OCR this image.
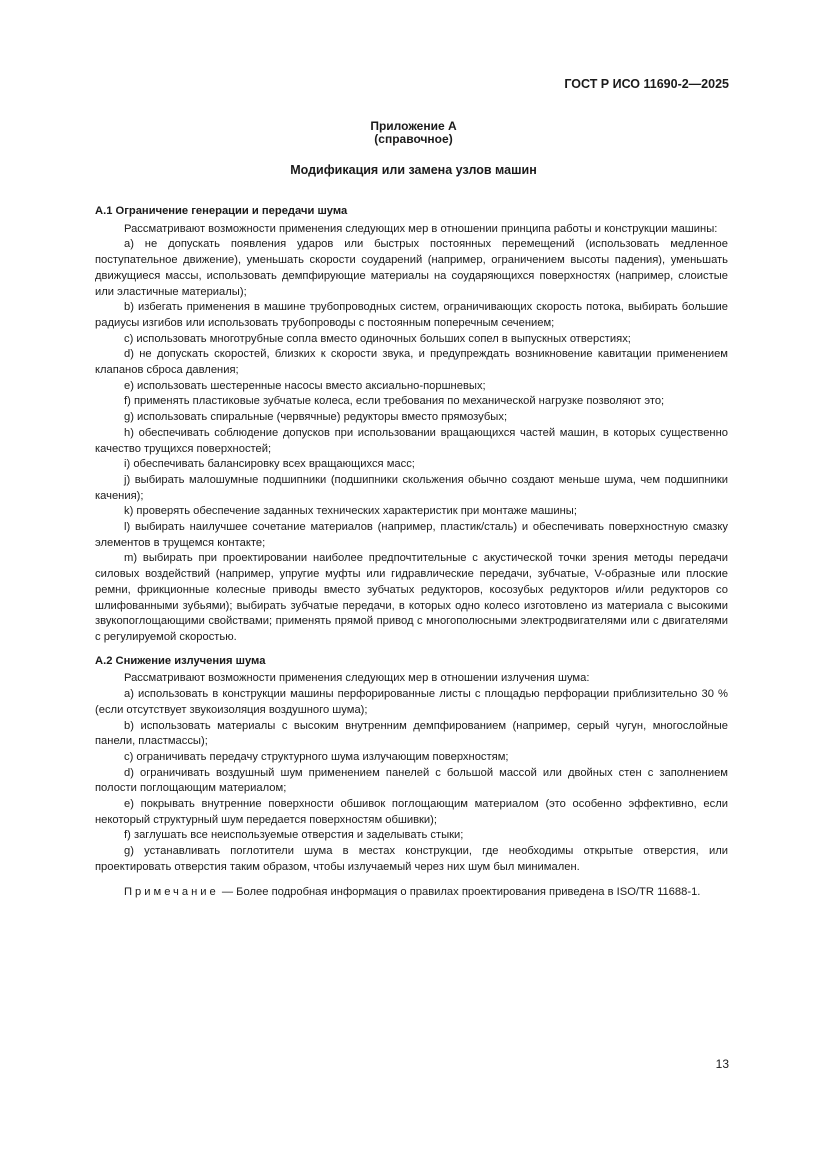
ГОСТ Р ИСО 11690-2—2025
Приложение А
(справочное)
Модификация или замена узлов машин

А.1 Ограничение генерации и передачи шума

Рассматривают возможности применения следующих мер в отношении принципа работы и конструкции машины:

a) не допускать появления ударов или быстрых постоянных перемещений (использовать медленное поступательное движение), уменьшать скорости соударений (например, ограничением высоты падения), уменьшать движущиеся массы, использовать демпфирующие материалы на соударяющихся поверхностях (например, слоистые или эластичные материалы);

b) избегать применения в машине трубопроводных систем, ограничивающих скорость потока, выбирать большие радиусы изгибов или использовать трубопроводы с постоянным поперечным сечением;

c) использовать многотрубные сопла вместо одиночных больших сопел в выпускных отверстиях;

d) не допускать скоростей, близких к скорости звука, и предупреждать возникновение кавитации применением клапанов сброса давления;

e) использовать шестеренные насосы вместо аксиально-поршневых;

f) применять пластиковые зубчатые колеса, если требования по механической нагрузке позволяют это;

g) использовать спиральные (червячные) редукторы вместо прямозубых;

h) обеспечивать соблюдение допусков при использовании вращающихся частей машин, в которых существенно качество трущихся поверхностей;

i) обеспечивать балансировку всех вращающихся масс;

j) выбирать малошумные подшипники (подшипники скольжения обычно создают меньше шума, чем подшипники качения);

k) проверять обеспечение заданных технических характеристик при монтаже машины;

l) выбирать наилучшее сочетание материалов (например, пластик/сталь) и обеспечивать поверхностную смазку элементов в трущемся контакте;

m) выбирать при проектировании наиболее предпочтительные с акустической точки зрения методы передачи силовых воздействий (например, упругие муфты или гидравлические передачи, зубчатые, V-образные или плоские ремни, фрикционные колесные приводы вместо зубчатых редукторов, косозубых редукторов и/или редукторов со шлифованными зубьями); выбирать зубчатые передачи, в которых одно колесо изготовлено из материала с высокими звукопоглощающими свойствами; применять прямой привод с многополюсными электродвигателями или с двигателями с регулируемой скоростью.

А.2 Снижение излучения шума

Рассматривают возможности применения следующих мер в отношении излучения шума:

a) использовать в конструкции машины перфорированные листы с площадью перфорации приблизительно 30 % (если отсутствует звукоизоляция воздушного шума);

b) использовать материалы с высоким внутренним демпфированием (например, серый чугун, многослойные панели, пластмассы);

c) ограничивать передачу структурного шума излучающим поверхностям;

d) ограничивать воздушный шум применением панелей с большой массой или двойных стен с заполнением полости поглощающим материалом;

e) покрывать внутренние поверхности обшивок поглощающим материалом (это особенно эффективно, если некоторый структурный шум передается поверхностям обшивки);

f) заглушать все неиспользуемые отверстия и заделывать стыки;

g) устанавливать поглотители шума в местах конструкции, где необходимы открытые отверстия, или проектировать отверстия таким образом, чтобы излучаемый через них шум был минимален.

Примечание — Более подробная информация о правилах проектирования приведена в ISO/TR 11688-1.

13
